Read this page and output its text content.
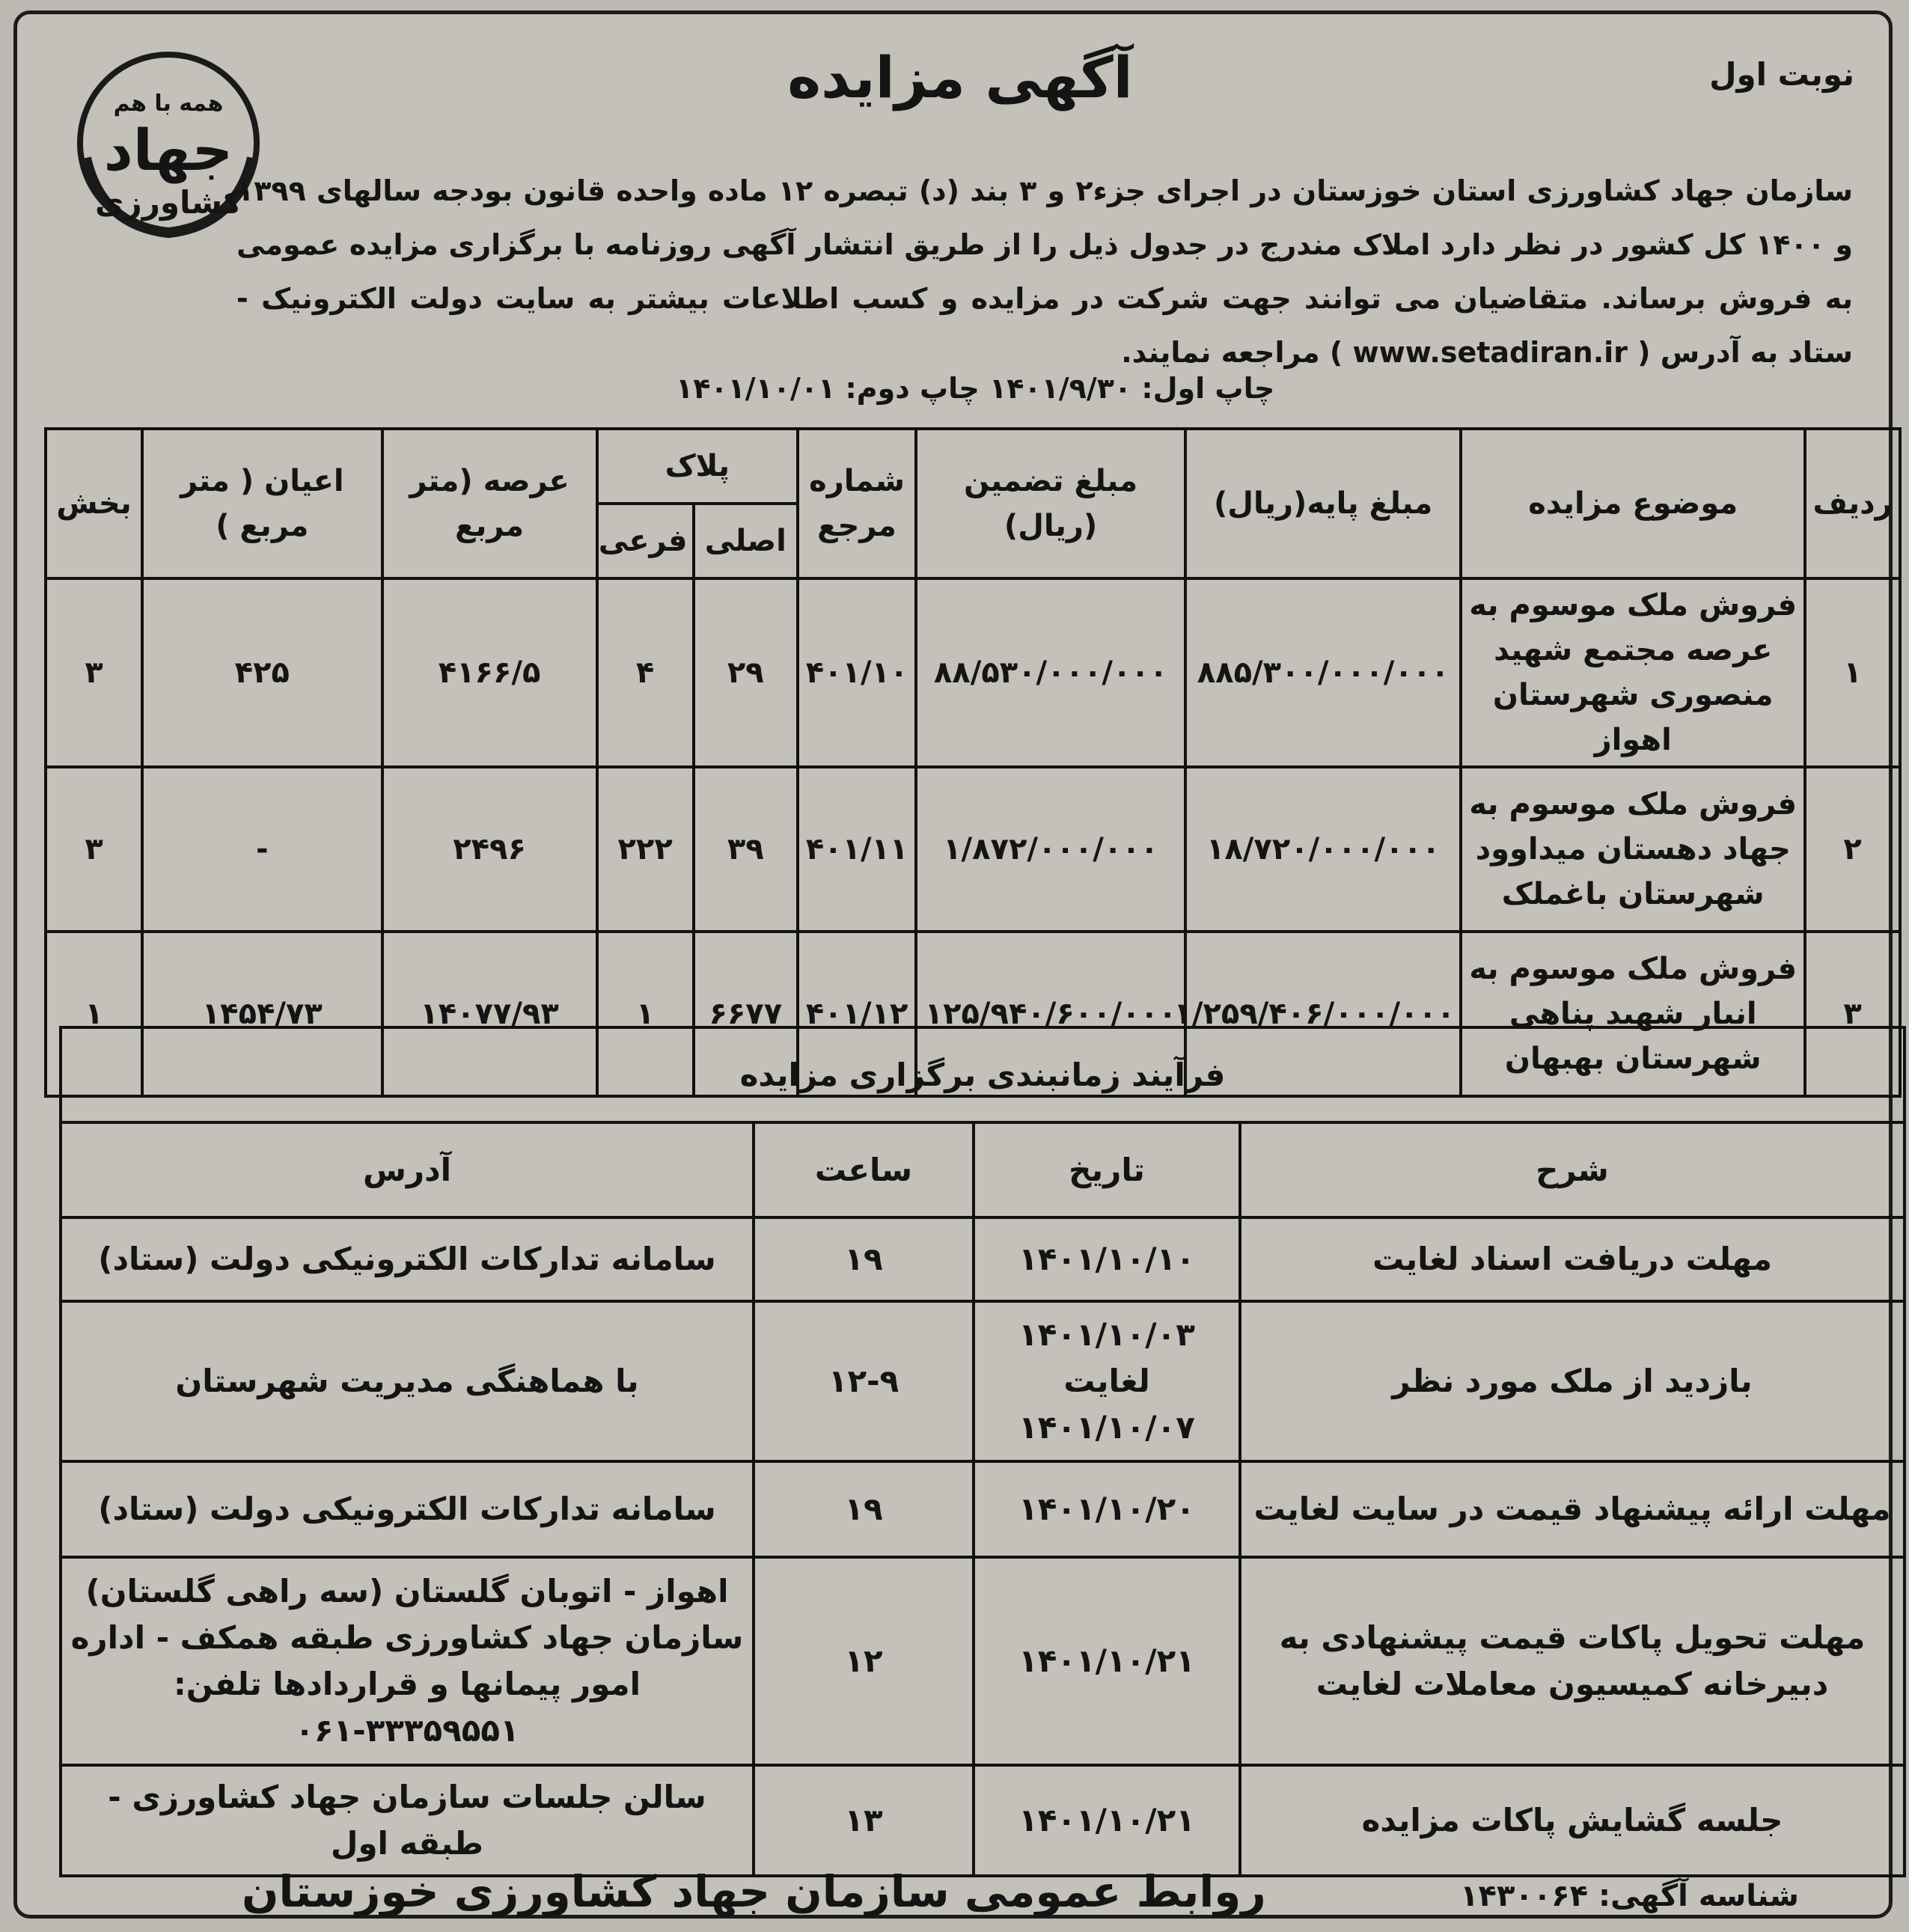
همه با هم
جهاد
کشاورزی
نوبت اول
آگهی مزایده
سازمان جهاد کشاورزی استان خوزستان در اجرای جزء۲ و ۳ بند (د) تبصره ۱۲ ماده واحده قانون بودجه سالهای ۱۳۹۹ و ۱۴۰۰ کل کشور در نظر دارد املاک مندرج در جدول ذیل را از طریق انتشار آگهی روزنامه با برگزاری مزایده عمومی به فروش برساند. متقاضیان می توانند جهت شرکت در مزایده و کسب اطلاعات بیشتر به سایت دولت الکترونیک - ستاد به آدرس ( www.setadiran.ir ) مراجعه نمایند.
چاپ اول: ۱۴۰۱/۹/۳۰ چاپ دوم: ۱۴۰۱/۱۰/۰۱
ردیف	موضوع مزایده	مبلغ پایه(ریال)	مبلغ تضمین (ریال)	شماره مرجع	پلاک		عرصه (متر مربع	اعیان ( متر مربع )	بخش
					اصلی	فرعی			
۱	فروش ملک موسوم به عرصه مجتمع شهید منصوری شهرستان اهواز	۸۸۵/۳۰۰/۰۰۰/۰۰۰	۸۸/۵۳۰/۰۰۰/۰۰۰	۴۰۱/۱۰	۲۹	۴	۴۱۶۶/۵	۴۲۵	۳
۲	فروش ملک موسوم به جهاد دهستان میداوود شهرستان باغملک	۱۸/۷۲۰/۰۰۰/۰۰۰	۱/۸۷۲/۰۰۰/۰۰۰	۴۰۱/۱۱	۳۹	۲۲۲	۲۴۹۶	-	۳
۳	فروش ملک موسوم به انبار شهید پناهی شهرستان بهبهان	۱/۲۵۹/۴۰۶/۰۰۰/۰۰۰	۱۲۵/۹۴۰/۶۰۰/۰۰۰	۴۰۱/۱۲	۶۶۷۷	۱	۱۴۰۷۷/۹۳	۱۴۵۴/۷۳	۱
فرآیند زمانبندی برگزاری مزایده			
شرح	تاریخ	ساعت	آدرس
مهلت دریافت اسناد لغایت	۱۴۰۱/۱۰/۱۰	۱۹	سامانه تدارکات الکترونیکی دولت (ستاد)
بازدید از ملک مورد نظر	۱۴۰۱/۱۰/۰۳ لغایت ۱۴۰۱/۱۰/۰۷	۱۲-۹	با هماهنگی مدیریت شهرستان
مهلت ارائه پیشنهاد قیمت در سایت لغایت	۱۴۰۱/۱۰/۲۰	۱۹	سامانه تدارکات الکترونیکی دولت (ستاد)
مهلت تحویل پاکات قیمت پیشنهادی به دبیرخانه کمیسیون معاملات لغایت	۱۴۰۱/۱۰/۲۱	۱۲	اهواز - اتوبان گلستان (سه راهی گلستان) سازمان جهاد کشاورزی طبقه همکف - اداره امور پیمانها و قراردادها تلفن: ۳۳۳۵۹۵۵۱-۰۶۱
جلسه گشایش پاکات مزایده	۱۴۰۱/۱۰/۲۱	۱۳	سالن جلسات سازمان جهاد کشاورزی - طبقه اول
شناسه آگهی: ۱۴۳۰۰۶۴
روابط عمومی سازمان جهاد کشاورزی خوزستان
